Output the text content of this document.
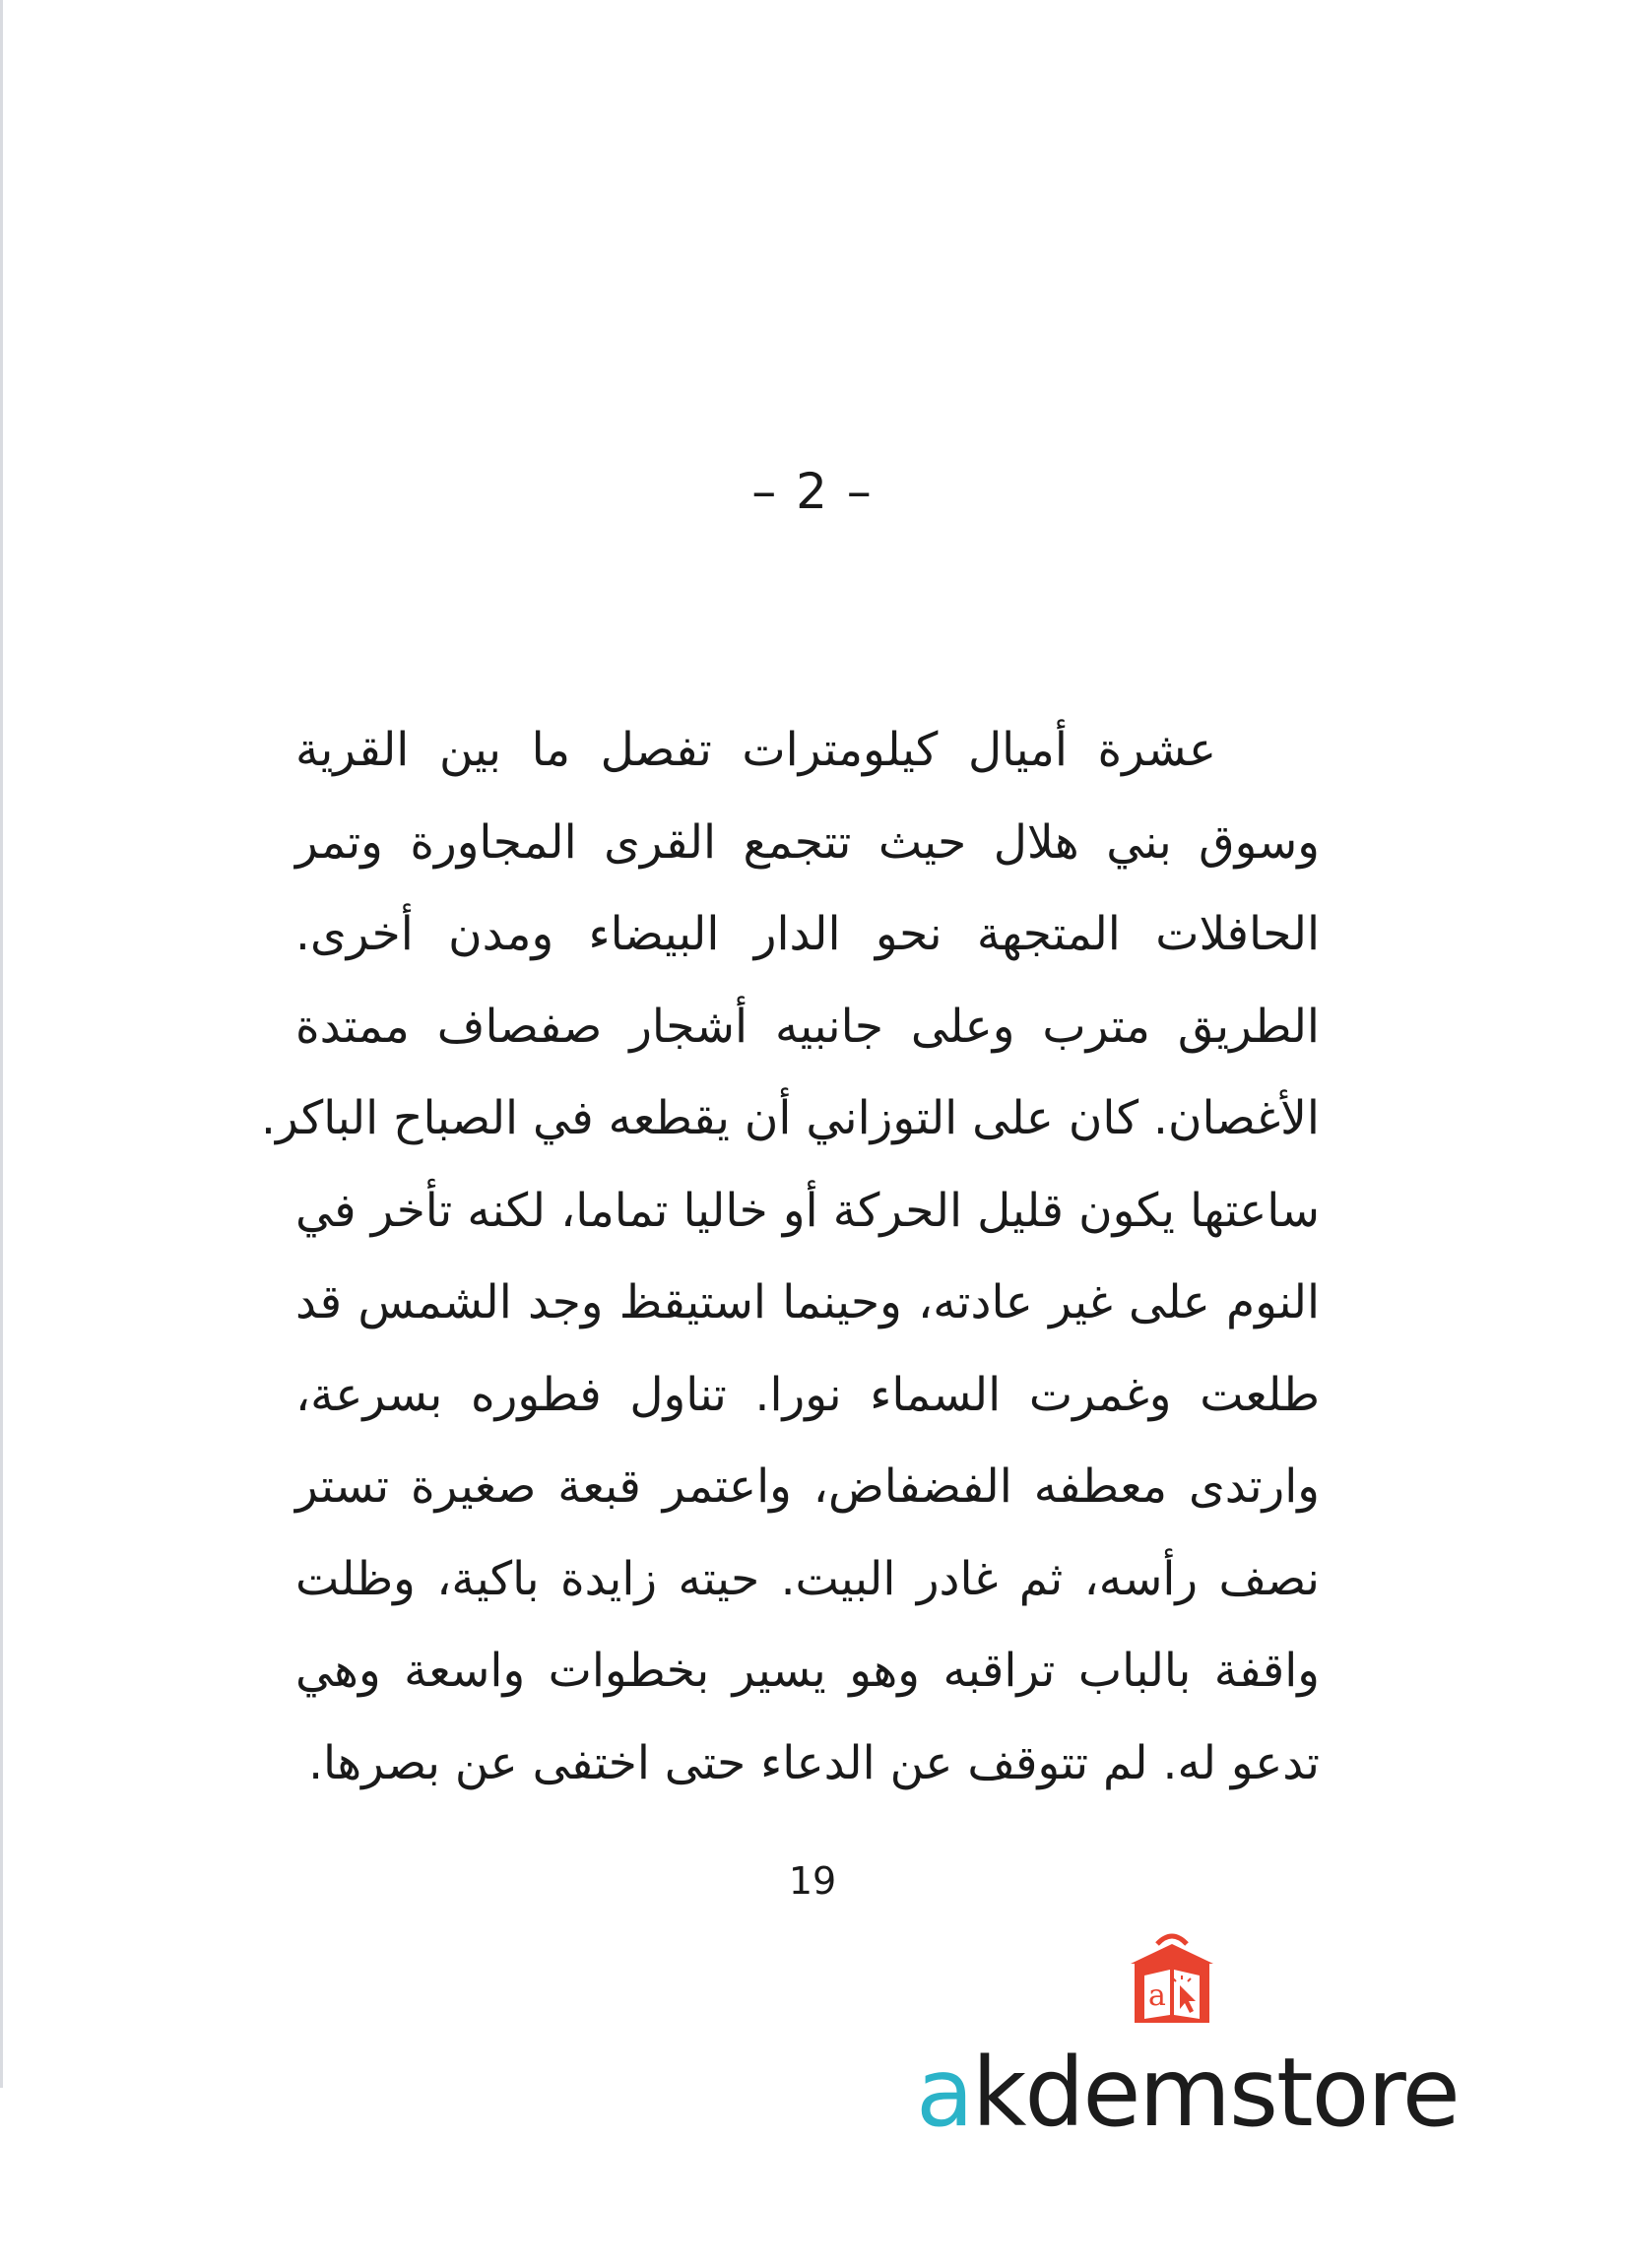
– 2 –
عشرة أميال كيلومترات تفصل ما بين القرية
وسوق بني هلال حيث تتجمع القرى المجاورة وتمر
الحافلات المتجهة نحو الدار البيضاء ومدن أخرى.
الطريق مترب وعلى جانبيه أشجار صفصاف ممتدة
الأغصان. كان على التوزاني أن يقطعه في الصباح الباكر.
ساعتها يكون قليل الحركة أو خاليا تماما، لكنه تأخر في
النوم على غير عادته، وحينما استيقظ وجد الشمس قد
طلعت وغمرت السماء نورا. تناول فطوره بسرعة،
وارتدى معطفه الفضفاض، واعتمر قبعة صغيرة تستر
نصف رأسه، ثم غادر البيت. حيته زايدة باكية، وظلت
واقفة بالباب تراقبه وهو يسير بخطوات واسعة وهي
تدعو له. لم تتوقف عن الدعاء حتى اختفى عن بصرها.
19
a
akdemstore
